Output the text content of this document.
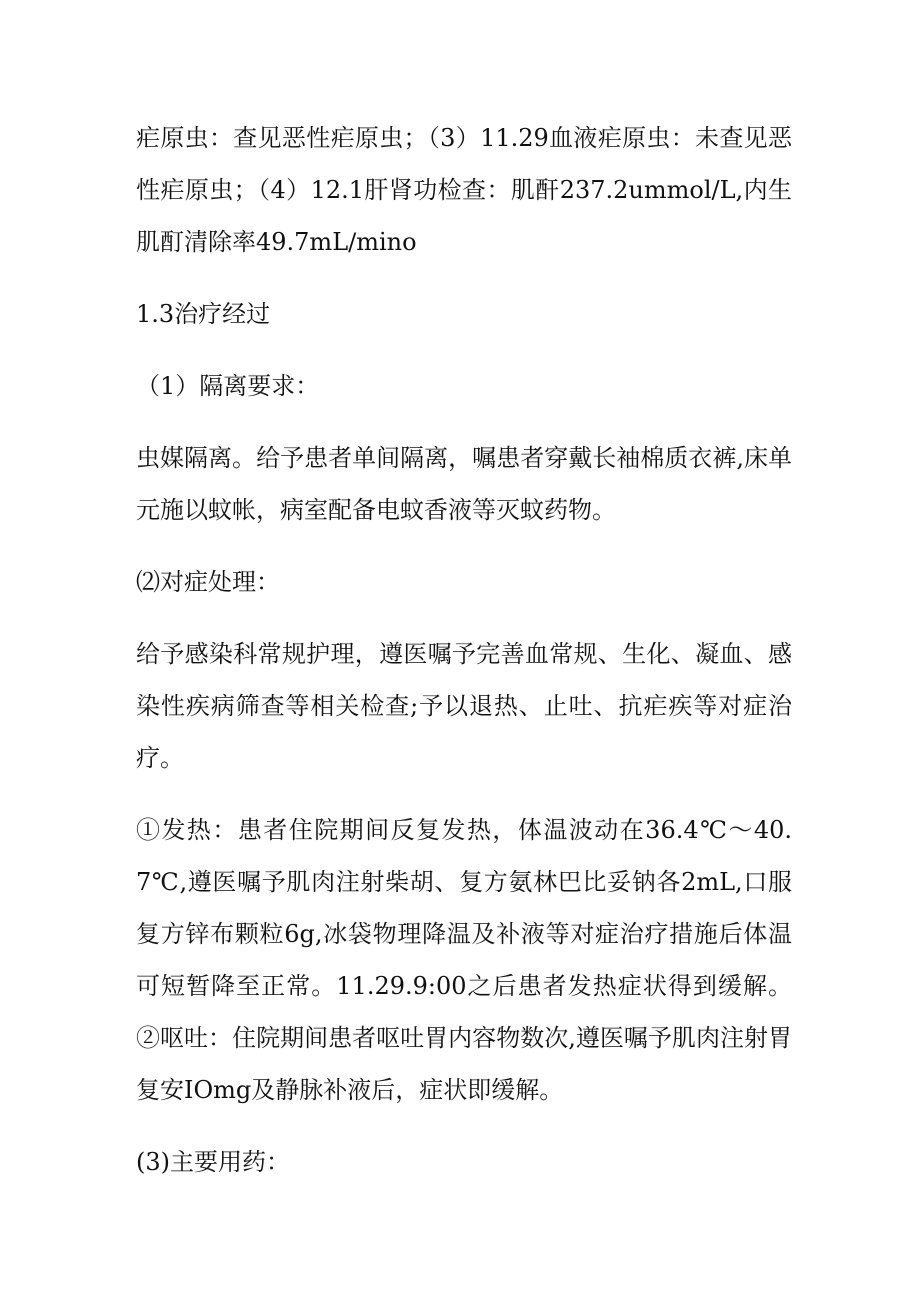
疟原虫：查见恶性疟原虫；（3）11.29血液疟原虫：未查见恶性疟原虫；（4）12.1肝肾功检查：肌酐237.2ummol/L,内生肌酊清除率49.7mL∕mino

1.3治疗经过

（1）隔离要求：

虫媒隔离。给予患者单间隔离，嘱患者穿戴长袖棉质衣裤,床单元施以蚊帐，病室配备电蚊香液等灭蚊药物。

⑵对症处理：

给予感染科常规护理，遵医嘱予完善血常规、生化、凝血、感染性疾病筛查等相关检查;予以退热、止吐、抗疟疾等对症治疗。

①发热：患者住院期间反复发热，体温波动在36.4℃～40.7℃,遵医嘱予肌肉注射柴胡、复方氨林巴比妥钠各2mL,口服复方锌布颗粒6g,冰袋物理降温及补液等对症治疗措施后体温可短暂降至正常。11.29.9:00之后患者发热症状得到缓解。②呕吐：住院期间患者呕吐胃内容物数次,遵医嘱予肌肉注射胃复安IOmg及静脉补液后，症状即缓解。

(3)主要用药：
